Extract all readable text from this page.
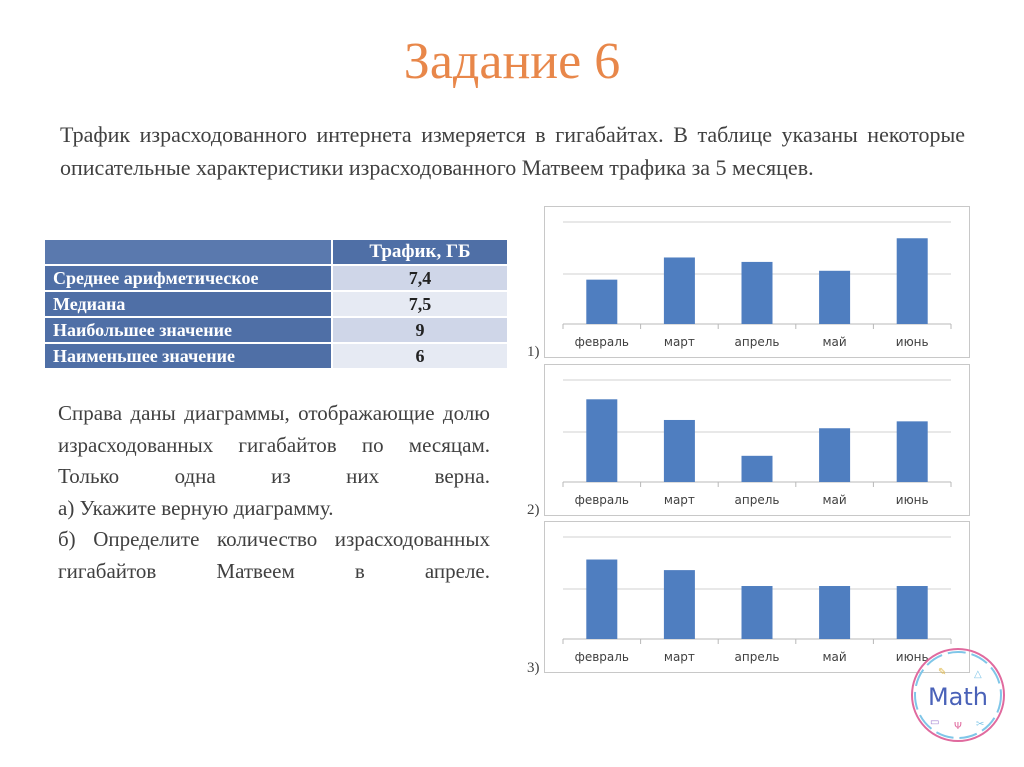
Задание 6
Трафик израсходованного интернета измеряется в гигабайтах. В таблице указаны некоторые описательные характеристики израсходованного Матвеем трафика за 5 месяцев.
	Трафик, ГБ
Среднее арифметическое	7,4
Медиана	7,5
Наибольшее значение	9
Наименьшее значение	6

Справа даны диаграммы, отображающие долю израсходованных гигабайтов по месяцам. Только одна из них верна.

а) Укажите верную диаграмму.

б) Определите количество израсходованных гигабайтов Матвеем в апреле.

февраль	март	апрель	май	июнь
1)
февраль	март	апрель	май	июнь
2)
февраль	март	апрель	май	июнь
3)
Math
✎	△
▭	✂
Ψ
